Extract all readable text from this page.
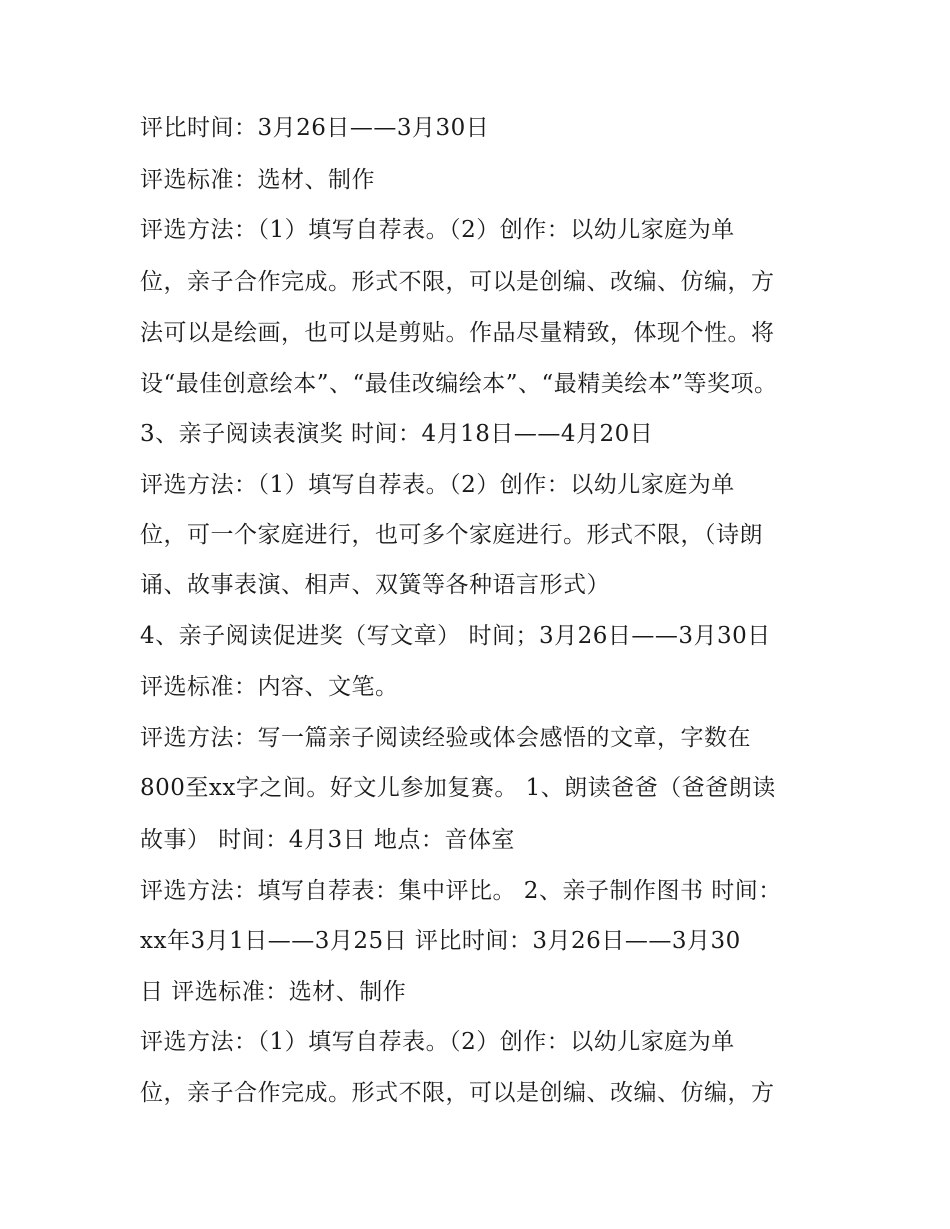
评比时间：3月26日——3月30日
评选标准：选材、制作
评选方法：（1）填写自荐表。（2）创作：以幼儿家庭为单
位，亲子合作完成。形式不限，可以是创编、改编、仿编，方
法可以是绘画，也可以是剪贴。作品尽量精致，体现个性。将
设“最佳创意绘本”、“最佳改编绘本”、“最精美绘本”等奖项。
3、亲子阅读表演奖 时间：4月18日——4月20日
评选方法：（1）填写自荐表。（2）创作：以幼儿家庭为单
位，可一个家庭进行，也可多个家庭进行。形式不限，（诗朗
诵、故事表演、相声、双簧等各种语言形式）
4、亲子阅读促进奖（写文章） 时间；3月26日——3月30日
评选标准：内容、文笔。
评选方法：写一篇亲子阅读经验或体会感悟的文章，字数在
800至xx字之间。好文儿参加复赛。 1、朗读爸爸（爸爸朗读
故事） 时间：4月3日 地点：音体室
评选方法：填写自荐表：集中评比。 2、亲子制作图书 时间：
xx年3月1日——3月25日 评比时间：3月26日——3月30
日 评选标准：选材、制作
评选方法：（1）填写自荐表。（2）创作：以幼儿家庭为单
位，亲子合作完成。形式不限，可以是创编、改编、仿编，方
